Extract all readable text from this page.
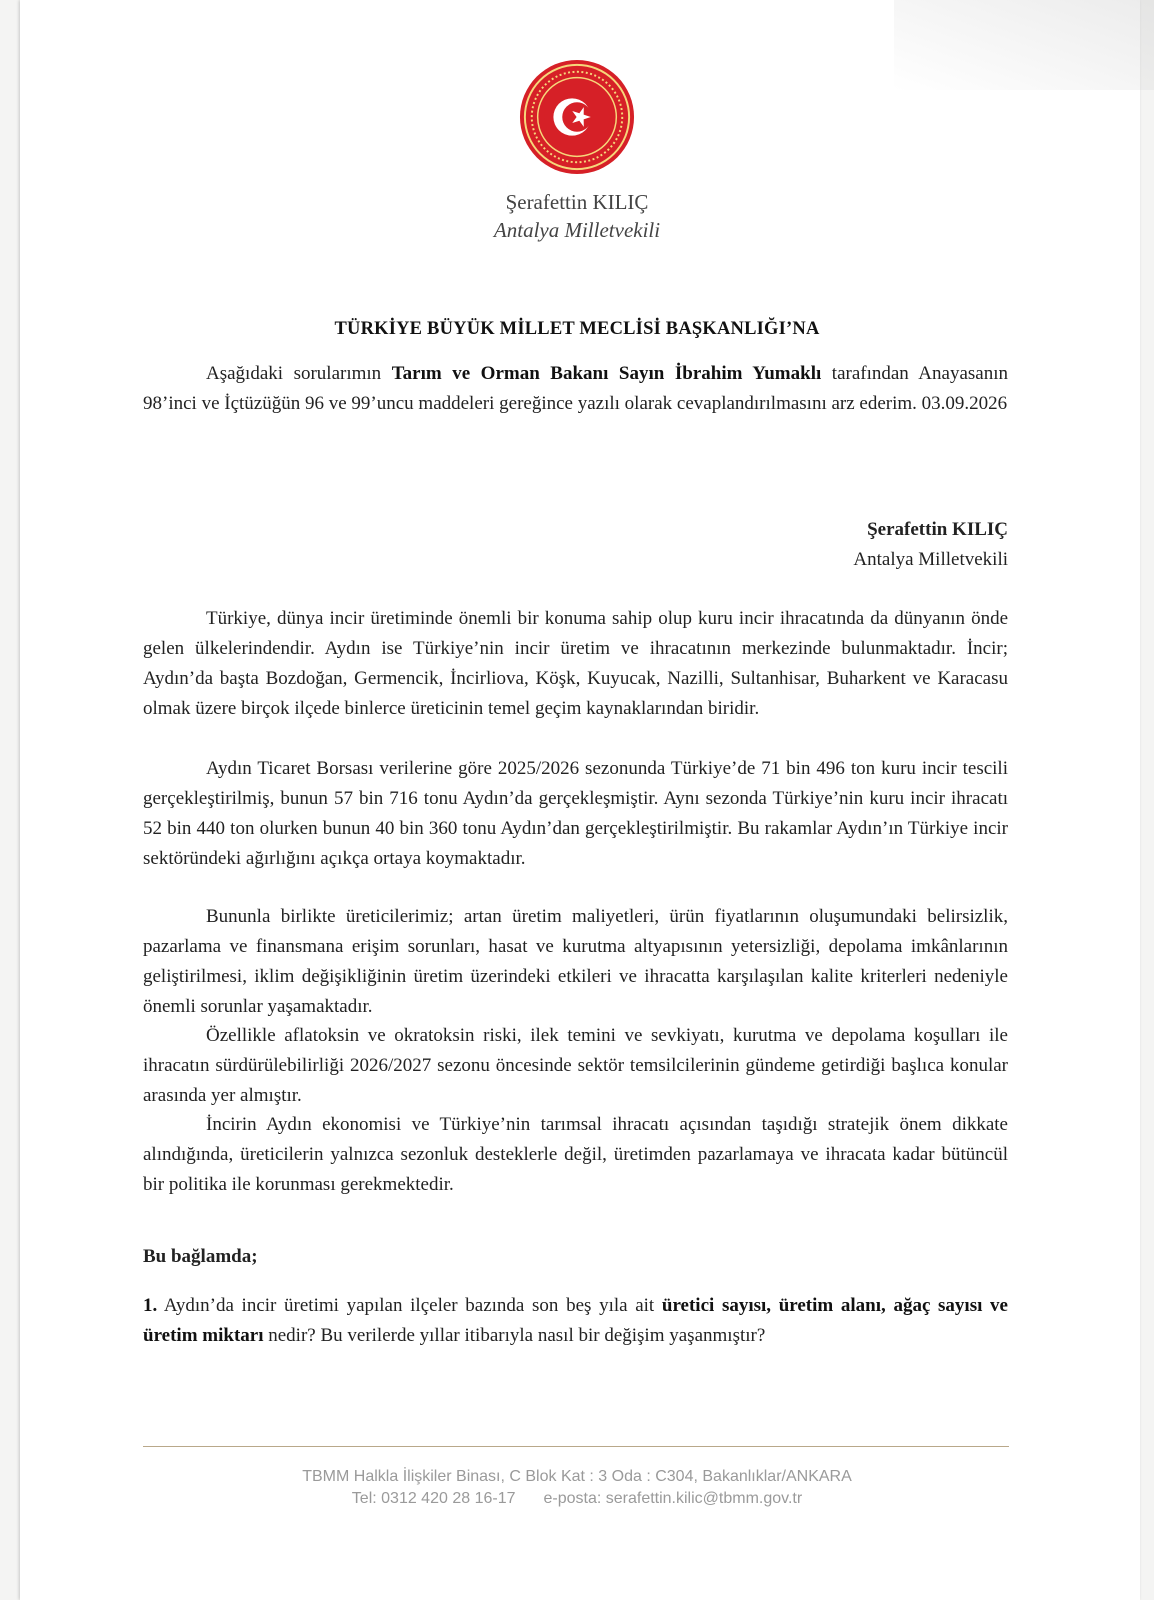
Şerafettin KILIÇ
Antalya Milletvekili
TÜRKİYE BÜYÜK MİLLET MECLİSİ BAŞKANLIĞI’NA
Aşağıdaki sorularımın Tarım ve Orman Bakanı Sayın İbrahim Yumaklı tarafından Anayasanın 98’inci ve İçtüzüğün 96 ve 99’uncu maddeleri gereğince yazılı olarak cevaplandırılmasını arz ederim. 03.09.2026
Şerafettin KILIÇ
Antalya Milletvekili
Türkiye, dünya incir üretiminde önemli bir konuma sahip olup kuru incir ihracatında da dünyanın önde gelen ülkelerindendir. Aydın ise Türkiye’nin incir üretim ve ihracatının merkezinde bulunmaktadır. İncir; Aydın’da başta Bozdoğan, Germencik, İncirliova, Köşk, Kuyucak, Nazilli, Sultanhisar, Buharkent ve Karacasu olmak üzere birçok ilçede binlerce üreticinin temel geçim kaynaklarından biridir.
Aydın Ticaret Borsası verilerine göre 2025/2026 sezonunda Türkiye’de 71 bin 496 ton kuru incir tescili gerçekleştirilmiş, bunun 57 bin 716 tonu Aydın’da gerçekleşmiştir. Aynı sezonda Türkiye’nin kuru incir ihracatı 52 bin 440 ton olurken bunun 40 bin 360 tonu Aydın’dan gerçekleştirilmiştir. Bu rakamlar Aydın’ın Türkiye incir sektöründeki ağırlığını açıkça ortaya koymaktadır.
Bununla birlikte üreticilerimiz; artan üretim maliyetleri, ürün fiyatlarının oluşumundaki belirsizlik, pazarlama ve finansmana erişim sorunları, hasat ve kurutma altyapısının yetersizliği, depolama imkânlarının geliştirilmesi, iklim değişikliğinin üretim üzerindeki etkileri ve ihracatta karşılaşılan kalite kriterleri nedeniyle önemli sorunlar yaşamaktadır.
Özellikle aflatoksin ve okratoksin riski, ilek temini ve sevkiyatı, kurutma ve depolama koşulları ile ihracatın sürdürülebilirliği 2026/2027 sezonu öncesinde sektör temsilcilerinin gündeme getirdiği başlıca konular arasında yer almıştır.
İncirin Aydın ekonomisi ve Türkiye’nin tarımsal ihracatı açısından taşıdığı stratejik önem dikkate alındığında, üreticilerin yalnızca sezonluk desteklerle değil, üretimden pazarlamaya ve ihracata kadar bütüncül bir politika ile korunması gerekmektedir.
Bu bağlamda;
1. Aydın’da incir üretimi yapılan ilçeler bazında son beş yıla ait üretici sayısı, üretim alanı, ağaç sayısı ve üretim miktarı nedir? Bu verilerde yıllar itibarıyla nasıl bir değişim yaşanmıştır?
TBMM Halkla İlişkiler Binası, C Blok Kat : 3 Oda : C304, Bakanlıklar/ANKARA
Tel: 0312 420 28 16-17 e-posta: serafettin.kilic@tbmm.gov.tr
